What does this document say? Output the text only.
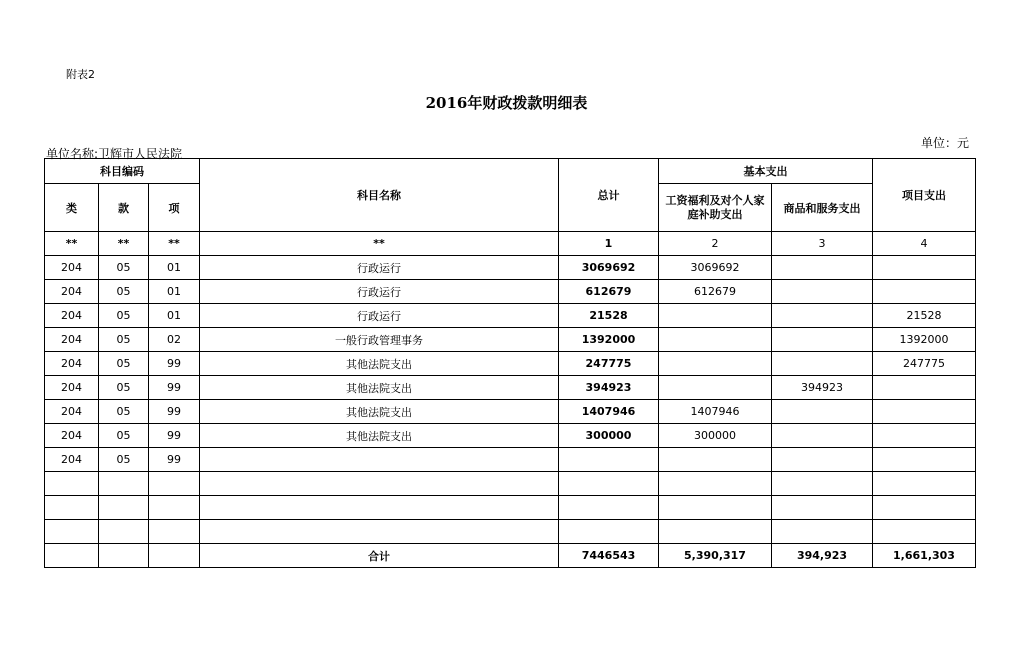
附表2
2016年财政拨款明细表
单位：元
单位名称:卫辉市人民法院
科目编码			科目名称	总计	基本支出		项目支出
类	款	项			工资福利及对个人家庭补助支出	商品和服务支出	
**	**	**	**	1	2	3	4
204	05	01	行政运行	3069692	3069692		
204	05	01	行政运行	612679	612679		
204	05	01	行政运行	21528			21528
204	05	02	一般行政管理事务	1392000			1392000
204	05	99	其他法院支出	247775			247775
204	05	99	其他法院支出	394923		394923	
204	05	99	其他法院支出	1407946	1407946		
204	05	99	其他法院支出	300000	300000		
204	05	99					

			合计	7446543	5,390,317	394,923	1,661,303
